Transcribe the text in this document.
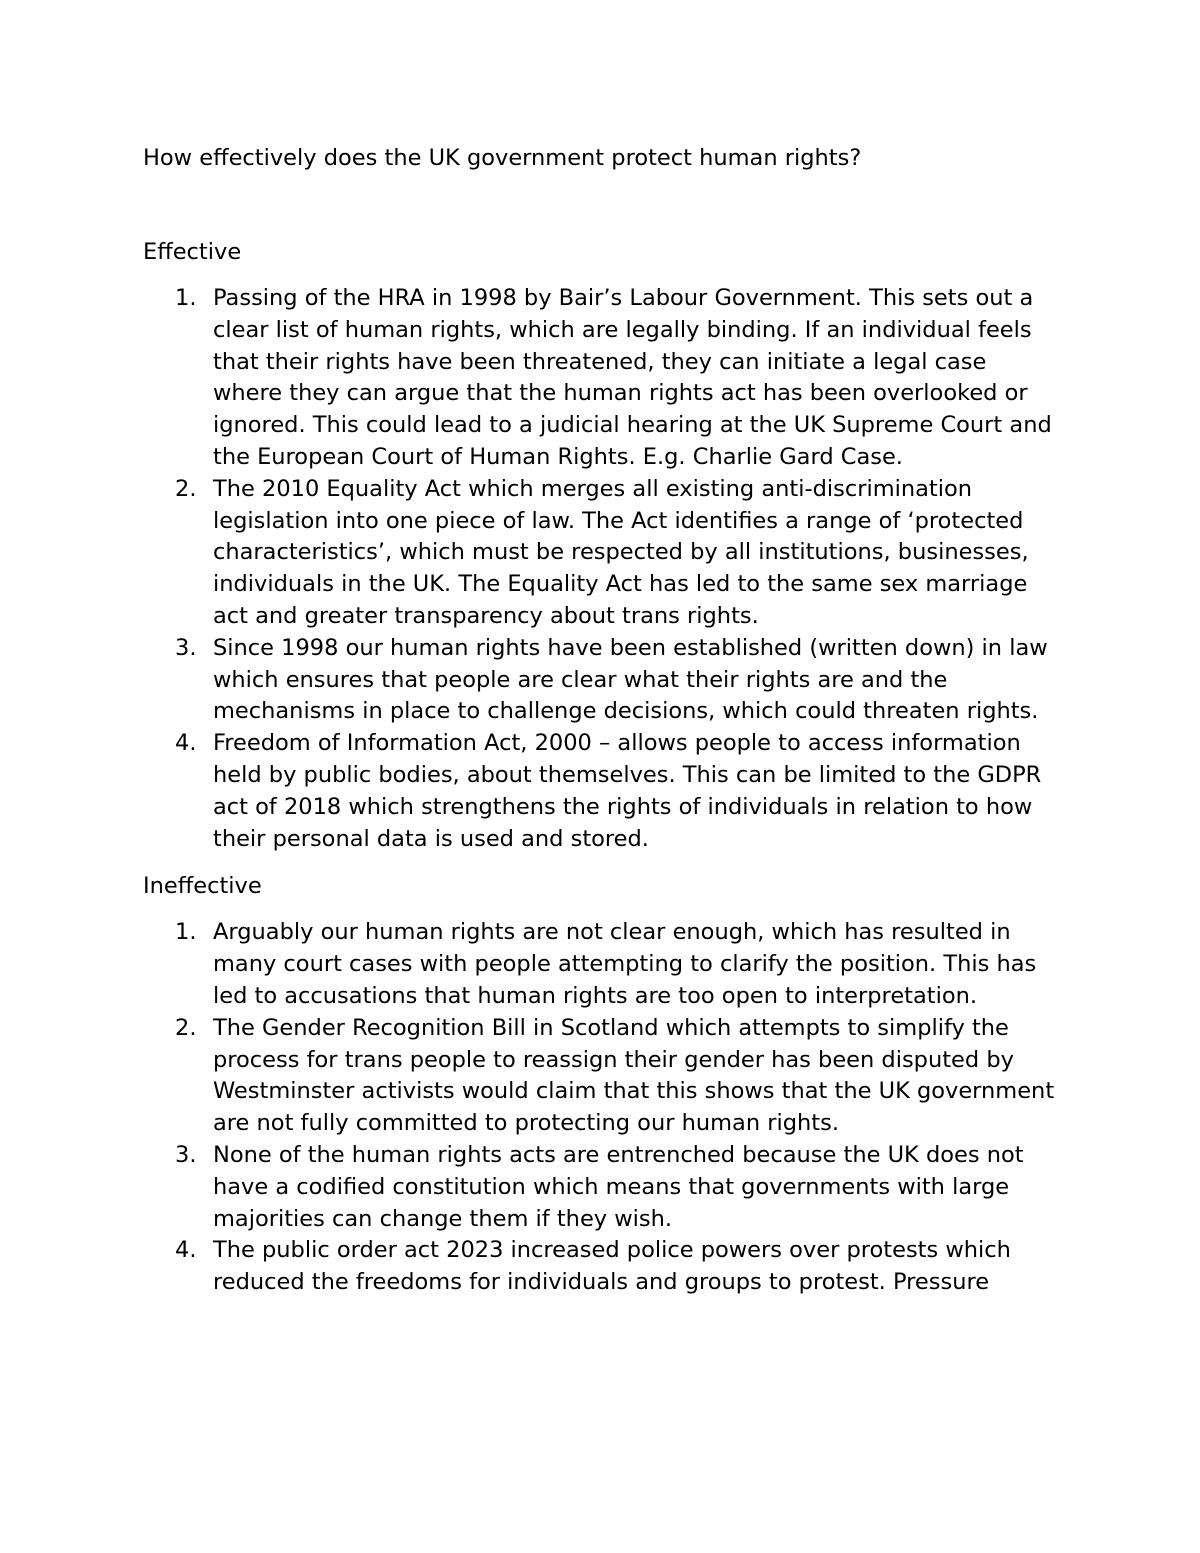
How effectively does the UK government protect human rights?
Effective
1. Passing of the HRA in 1998 by Bair’s Labour Government. This sets out a clear list of human rights, which are legally binding. If an individual feels that their rights have been threatened, they can initiate a legal case where they can argue that the human rights act has been overlooked or ignored. This could lead to a judicial hearing at the UK Supreme Court and the European Court of Human Rights. E.g. Charlie Gard Case.
2. The 2010 Equality Act which merges all existing anti-discrimination legislation into one piece of law. The Act identifies a range of ‘protected characteristics’, which must be respected by all institutions, businesses, individuals in the UK. The Equality Act has led to the same sex marriage act and greater transparency about trans rights.
3. Since 1998 our human rights have been established (written down) in law which ensures that people are clear what their rights are and the mechanisms in place to challenge decisions, which could threaten rights.
4. Freedom of Information Act, 2000 – allows people to access information held by public bodies, about themselves. This can be limited to the GDPR act of 2018 which strengthens the rights of individuals in relation to how their personal data is used and stored.
Ineffective
1. Arguably our human rights are not clear enough, which has resulted in many court cases with people attempting to clarify the position. This has led to accusations that human rights are too open to interpretation.
2. The Gender Recognition Bill in Scotland which attempts to simplify the process for trans people to reassign their gender has been disputed by Westminster activists would claim that this shows that the UK government are not fully committed to protecting our human rights.
3. None of the human rights acts are entrenched because the UK does not have a codified constitution which means that governments with large majorities can change them if they wish.
4. The public order act 2023 increased police powers over protests which reduced the freedoms for individuals and groups to protest. Pressure
